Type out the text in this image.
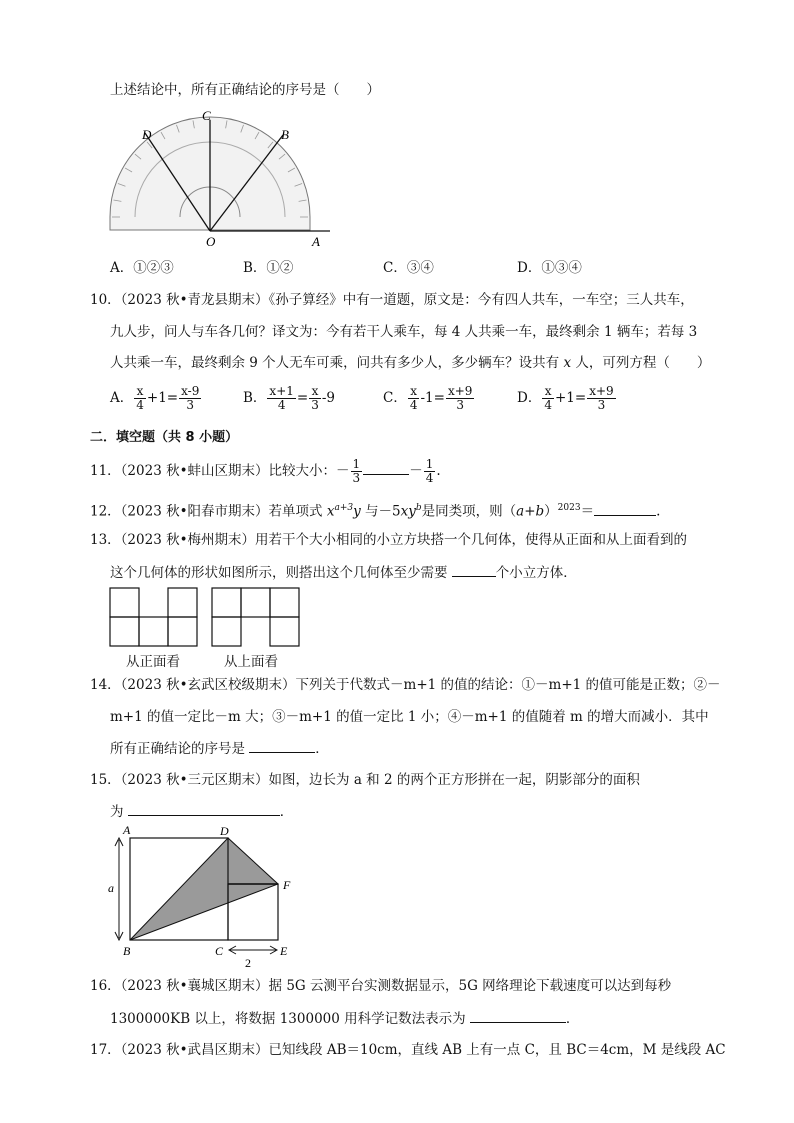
上述结论中，所有正确结论的序号是（　　）
C
D	B
O	A
A．①②③	B．①②	C．③④	D．①③④
10．（2023 秋•青龙县期末）《孙子算经》中有一道题，原文是：今有四人共车，一车空；三人共车，
九人步，问人与车各几何？译文为：今有若干人乘车，每 4 人共乘一车，最终剩余 1 辆车；若每 3
人共乘一车，最终剩余 9 个人无车可乘，问共有多少人，多少辆车？设共有 x 人，可列方程（　　）
A． $\frac{x}{4} +1= \frac{x-9}{3}$	B． $\frac{x+1}{4} = \frac{x}{3} -9$	C． $\frac{x}{4} -1= \frac{x+9}{3}$	D． $\frac{x}{4} +1= \frac{x+9}{3}$
二．填空题（共 8 小题）
11．（2023 秋•蚌山区期末）比较大小：－ $\frac{1}{3}$	－ $\frac{1}{4}$ .
12．（2023 秋•阳春市期末）若单项式 $x^{a+3}y$ 与$-5xy^b$是同类项，则$(a+b)^{2023}=$	.
13．（2023 秋•梅州期末）用若干个大小相同的小立方块搭一个几何体，使得从正面和从上面看到的
这个几何体的形状如图所示，则搭出这个几何体至少需要	个小立方体．
从正面看	从上面看
14．（2023 秋•玄武区校级期末）下列关于代数式－m+1 的值的结论：①－m+1 的值可能是正数；②－
m+1 的值一定比－m 大；③－m+1 的值一定比 1 小；④－m+1 的值随着 m 的增大而减小．其中
所有正确结论的序号是	．
15．（2023 秋•三元区期末）如图，边长为 a 和 2 的两个正方形拼在一起，阴影部分的面积
为	．
A	D
F
a
B	C	E
2
16．（2023 秋•襄城区期末）据 5G 云测平台实测数据显示，5G 网络理论下载速度可以达到每秒
1300000KB 以上，将数据 1300000 用科学记数法表示为	．
17．（2023 秋•武昌区期末）已知线段 AB＝10cm，直线 AB 上有一点 C，且 BC＝4cm，M 是线段 AC
